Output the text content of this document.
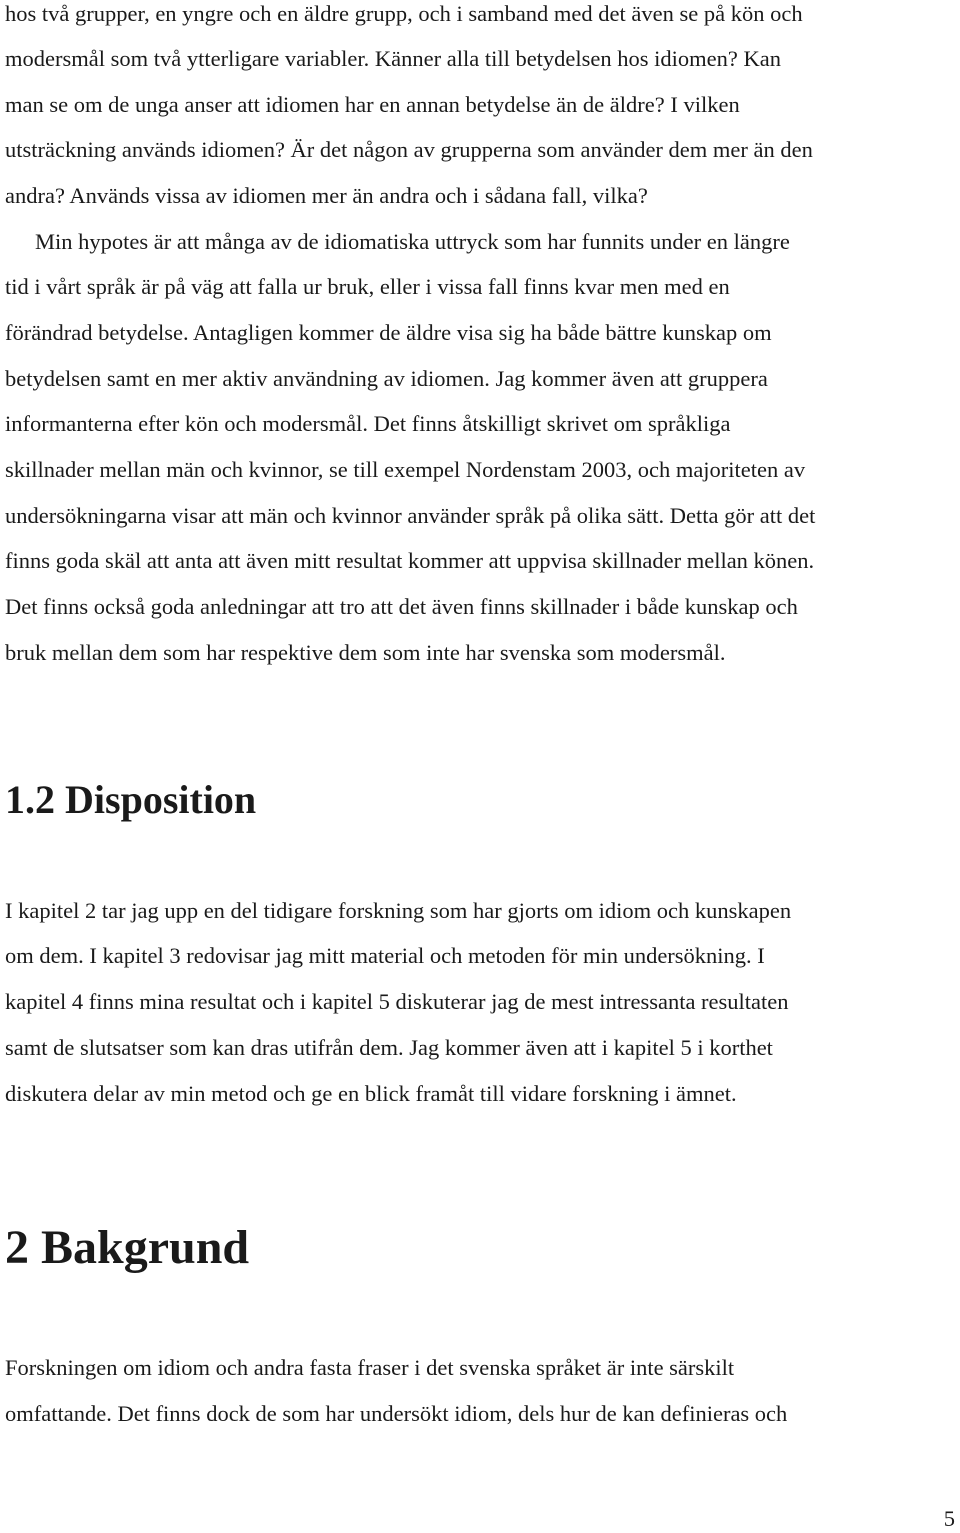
hos två grupper, en yngre och en äldre grupp, och i samband med det även se på kön och
modersmål som två ytterligare variabler. Känner alla till betydelsen hos idiomen? Kan
man se om de unga anser att idiomen har en annan betydelse än de äldre? I vilken
utsträckning används idiomen? Är det någon av grupperna som använder dem mer än den
andra? Används vissa av idiomen mer än andra och i sådana fall, vilka?
Min hypotes är att många av de idiomatiska uttryck som har funnits under en längre
tid i vårt språk är på väg att falla ur bruk, eller i vissa fall finns kvar men med en
förändrad betydelse. Antagligen kommer de äldre visa sig ha både bättre kunskap om
betydelsen samt en mer aktiv användning av idiomen. Jag kommer även att gruppera
informanterna efter kön och modersmål. Det finns åtskilligt skrivet om språkliga
skillnader mellan män och kvinnor, se till exempel Nordenstam 2003, och majoriteten av
undersökningarna visar att män och kvinnor använder språk på olika sätt. Detta gör att det
finns goda skäl att anta att även mitt resultat kommer att uppvisa skillnader mellan könen.
Det finns också goda anledningar att tro att det även finns skillnader i både kunskap och
bruk mellan dem som har respektive dem som inte har svenska som modersmål.
1.2 Disposition
I kapitel 2 tar jag upp en del tidigare forskning som har gjorts om idiom och kunskapen
om dem. I kapitel 3 redovisar jag mitt material och metoden för min undersökning. I
kapitel 4 finns mina resultat och i kapitel 5 diskuterar jag de mest intressanta resultaten
samt de slutsatser som kan dras utifrån dem. Jag kommer även att i kapitel 5 i korthet
diskutera delar av min metod och ge en blick framåt till vidare forskning i ämnet.
2 Bakgrund
Forskningen om idiom och andra fasta fraser i det svenska språket är inte särskilt
omfattande. Det finns dock de som har undersökt idiom, dels hur de kan definieras och
5
